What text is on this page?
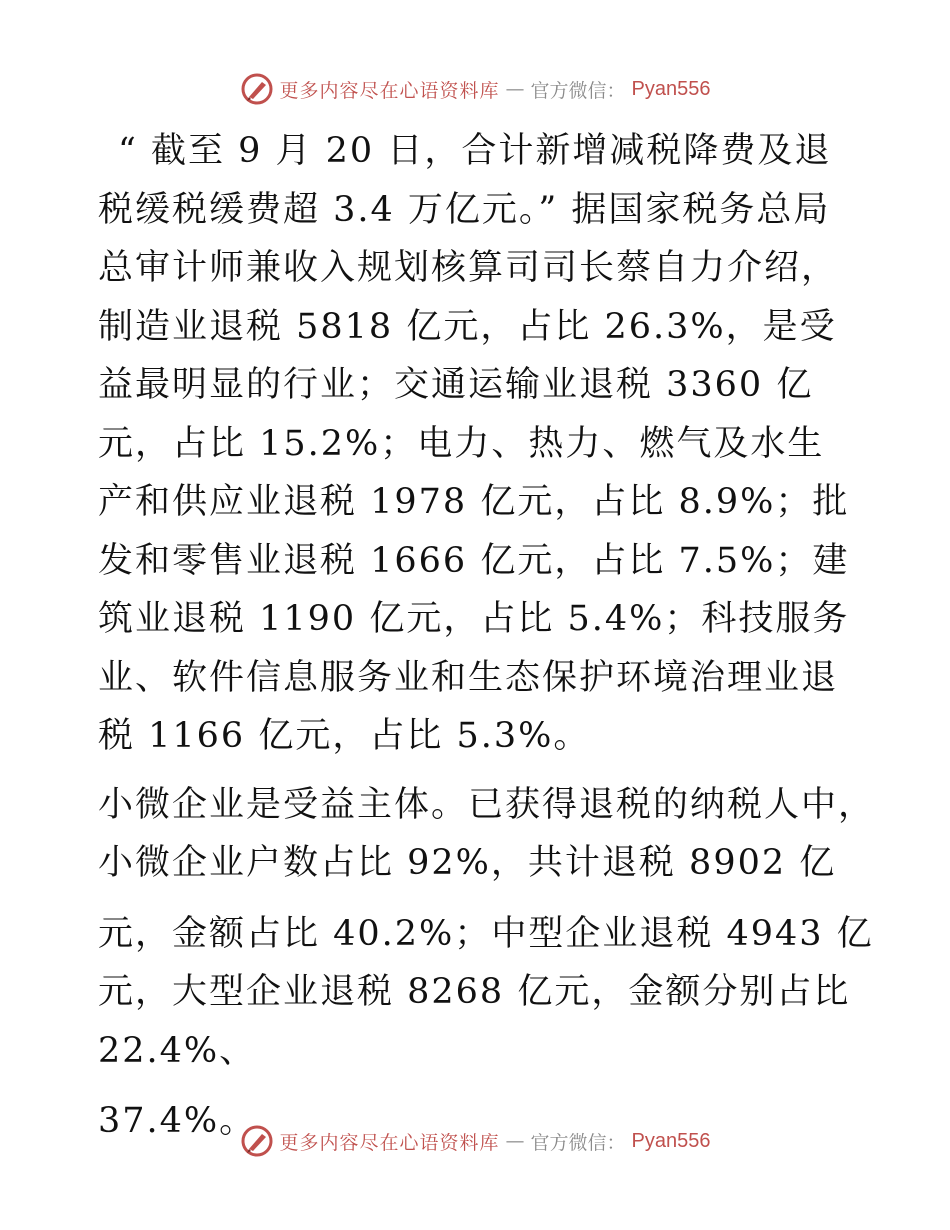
更多内容尽在心语资料库 — 官方微信： Pyan556

“ 截至 9 月 20 日，合计新增减税降费及退税缓税缓费超 3.4 万亿元。” 据国家税务总局总审计师兼收入规划核算司司长蔡自力介绍，制造业退税 5818 亿元，占比 26.3%，是受益最明显的行业；交通运输业退税 3360 亿元，占比 15.2%；电力、热力、燃气及水生产和供应业退税 1978 亿元，占比 8.9%；批发和零售业退税 1666 亿元，占比 7.5%；建筑业退税 1190 亿元，占比 5.4%；科技服务业、软件信息服务业和生态保护环境治理业退税 1166 亿元，占比 5.3%。

小微企业是受益主体。已获得退税的纳税人中，

小微企业户数占比 92%，共计退税 8902 亿

元，金额占比 40.2%；中型企业退税 4943 亿

元，大型企业退税 8268 亿元，金额分别占比

22.4%、

37.4%。

更多内容尽在心语资料库 — 官方微信： Pyan556
